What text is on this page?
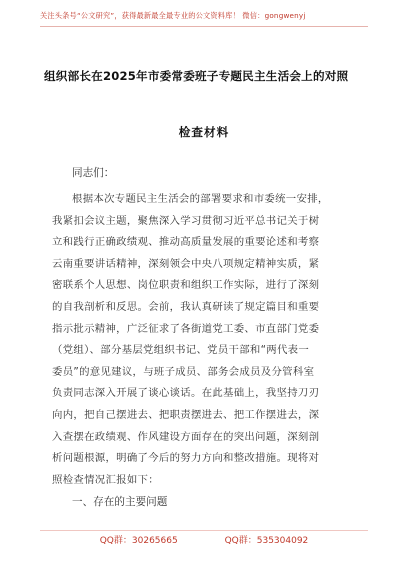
关注头条号“公文研究”，获得最新最全最专业的公文资料库！ 微信：gongwenyj
组织部长在2025年市委常委班子专题民主生活会上的对照
检查材料
同志们：
根据本次专题民主生活会的部署要求和市委统一安排，
我紧扣会议主题，聚焦深入学习贯彻习近平总书记关于树
立和践行正确政绩观、推动高质量发展的重要论述和考察
云南重要讲话精神，深刻领会中央八项规定精神实质，紧
密联系个人思想、岗位职责和组织工作实际，进行了深刻
的自我剖析和反思。会前，我认真研读了规定篇目和重要
指示批示精神，广泛征求了各街道党工委、市直部门党委
（党组）、部分基层党组织书记、党员干部和“两代表一
委员”的意见建议，与班子成员、部务会成员及分管科室
负责同志深入开展了谈心谈话。在此基础上，我坚持刀刃
向内，把自己摆进去、把职责摆进去、把工作摆进去，深
入查摆在政绩观、作风建设方面存在的突出问题，深刻剖
析问题根源，明确了今后的努力方向和整改措施。现将对
照检查情况汇报如下：
一、存在的主要问题
QQ群：30265665	QQ群：535304092
